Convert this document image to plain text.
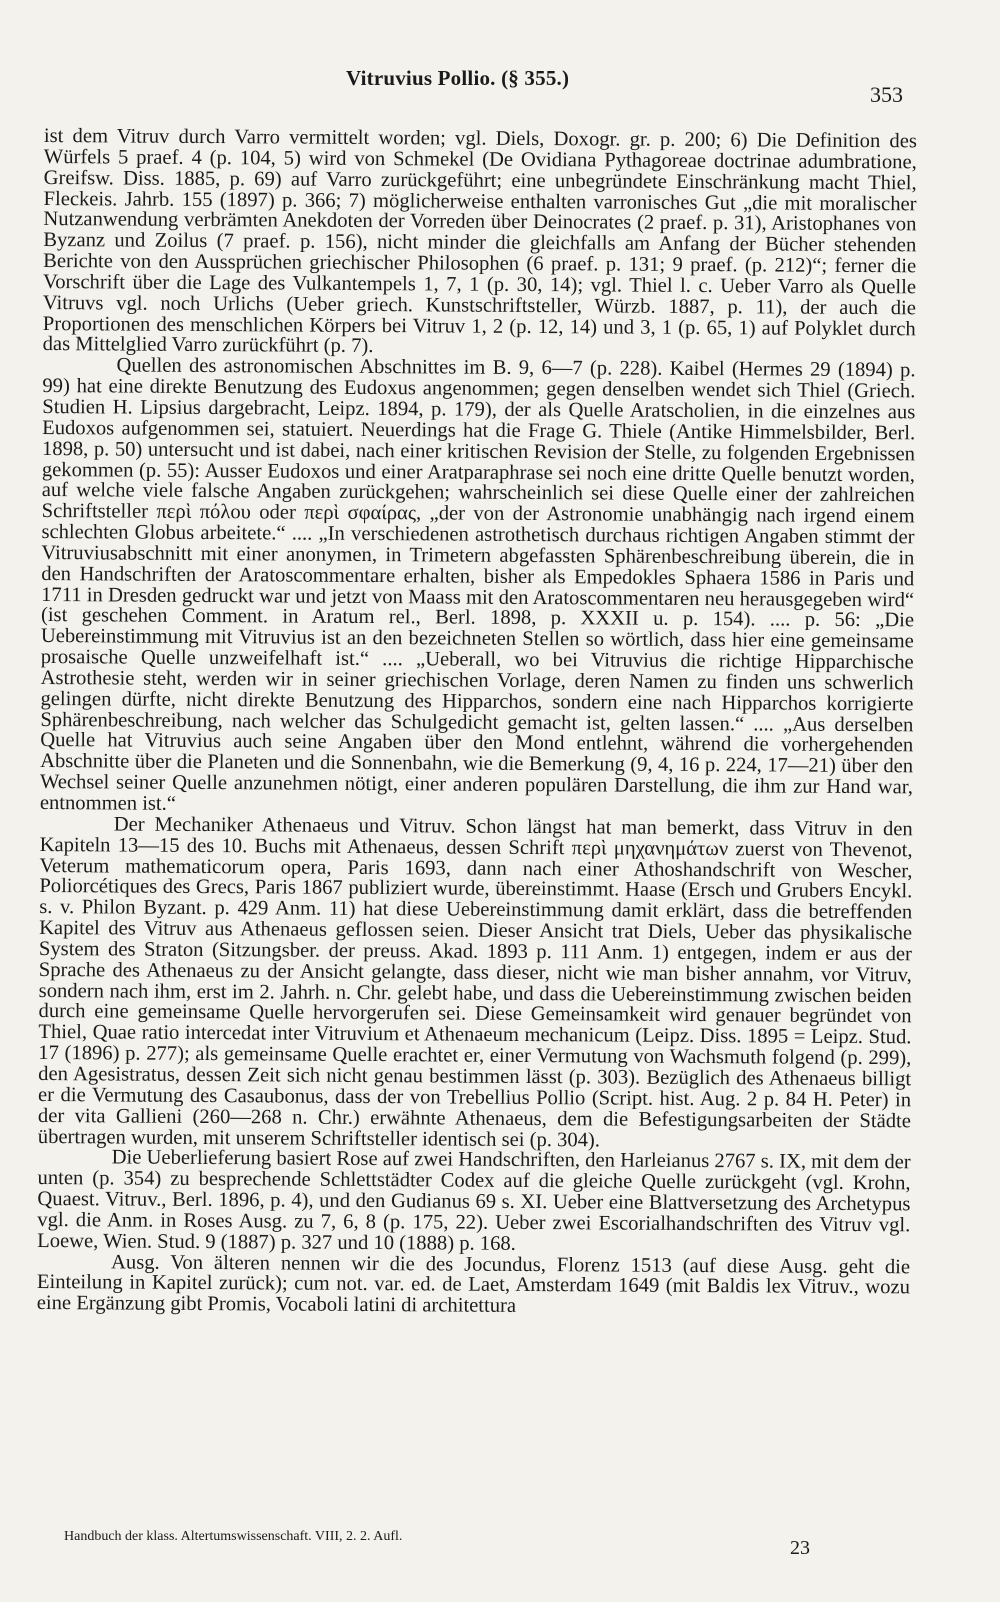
Vitruvius Pollio. (§ 355.)
353

ist dem Vitruv durch Varro vermittelt worden; vgl. Diels, Doxogr. gr. p. 200; 6) Die Definition des Würfels 5 praef. 4 (p. 104, 5) wird von Schmekel (De Ovidiana Pythagoreae doctrinae adumbratione, Greifsw. Diss. 1885, p. 69) auf Varro zurückgeführt; eine unbegründete Einschränkung macht Thiel, Fleckeis. Jahrb. 155 (1897) p. 366; 7) möglicherweise enthalten varronisches Gut „die mit moralischer Nutzanwendung verbrämten Anekdoten der Vorreden über Deinocrates (2 praef. p. 31), Aristophanes von Byzanz und Zoilus (7 praef. p. 156), nicht minder die gleichfalls am Anfang der Bücher stehenden Berichte von den Aussprüchen griechischer Philosophen (6 praef. p. 131; 9 praef. (p. 212)“; ferner die Vorschrift über die Lage des Vulkantempels 1, 7, 1 (p. 30, 14); vgl. Thiel l. c. Ueber Varro als Quelle Vitruvs vgl. noch Urlichs (Ueber griech. Kunstschriftsteller, Würzb. 1887, p. 11), der auch die Proportionen des menschlichen Körpers bei Vitruv 1, 2 (p. 12, 14) und 3, 1 (p. 65, 1) auf Polyklet durch das Mittelglied Varro zurückführt (p. 7).

Quellen des astronomischen Abschnittes im B. 9, 6—7 (p. 228). Kaibel (Hermes 29 (1894) p. 99) hat eine direkte Benutzung des Eudoxus angenommen; gegen denselben wendet sich Thiel (Griech. Studien H. Lipsius dargebracht, Leipz. 1894, p. 179), der als Quelle Aratscholien, in die einzelnes aus Eudoxos aufgenommen sei, statuiert. Neuerdings hat die Frage G. Thiele (Antike Himmelsbilder, Berl. 1898, p. 50) untersucht und ist dabei, nach einer kritischen Revision der Stelle, zu folgenden Ergebnissen gekommen (p. 55): Ausser Eudoxos und einer Aratparaphrase sei noch eine dritte Quelle benutzt worden, auf welche viele falsche Angaben zurückgehen; wahrscheinlich sei diese Quelle einer der zahlreichen Schriftsteller περὶ πόλου oder περὶ σφαίρας, „der von der Astronomie unabhängig nach irgend einem schlechten Globus arbeitete.“ .... „In verschiedenen astrothetisch durchaus richtigen Angaben stimmt der Vitruviusabschnitt mit einer anonymen, in Trimetern abgefassten Sphärenbeschreibung überein, die in den Handschriften der Aratoscommentare erhalten, bisher als Empedokles Sphaera 1586 in Paris und 1711 in Dresden gedruckt war und jetzt von Maass mit den Aratoscommentaren neu herausgegeben wird“ (ist geschehen Comment. in Aratum rel., Berl. 1898, p. XXXII u. p. 154). .... p. 56: „Die Uebereinstimmung mit Vitruvius ist an den bezeichneten Stellen so wörtlich, dass hier eine gemeinsame prosaische Quelle unzweifelhaft ist.“ .... „Ueberall, wo bei Vitruvius die richtige Hipparchische Astrothesie steht, werden wir in seiner griechischen Vorlage, deren Namen zu finden uns schwerlich gelingen dürfte, nicht direkte Benutzung des Hipparchos, sondern eine nach Hipparchos korrigierte Sphärenbeschreibung, nach welcher das Schulgedicht gemacht ist, gelten lassen.“ .... „Aus derselben Quelle hat Vitruvius auch seine Angaben über den Mond entlehnt, während die vorhergehenden Abschnitte über die Planeten und die Sonnenbahn, wie die Bemerkung (9, 4, 16 p. 224, 17—21) über den Wechsel seiner Quelle anzunehmen nötigt, einer anderen populären Darstellung, die ihm zur Hand war, entnommen ist.“

Der Mechaniker Athenaeus und Vitruv. Schon längst hat man bemerkt, dass Vitruv in den Kapiteln 13—15 des 10. Buchs mit Athenaeus, dessen Schrift περὶ μηχανημάτων zuerst von Thevenot, Veterum mathematicorum opera, Paris 1693, dann nach einer Athoshandschrift von Wescher, Poliorcétiques des Grecs, Paris 1867 publiziert wurde, übereinstimmt. Haase (Ersch und Grubers Encykl. s. v. Philon Byzant. p. 429 Anm. 11) hat diese Uebereinstimmung damit erklärt, dass die betreffenden Kapitel des Vitruv aus Athenaeus geflossen seien. Dieser Ansicht trat Diels, Ueber das physikalische System des Straton (Sitzungsber. der preuss. Akad. 1893 p. 111 Anm. 1) entgegen, indem er aus der Sprache des Athenaeus zu der Ansicht gelangte, dass dieser, nicht wie man bisher annahm, vor Vitruv, sondern nach ihm, erst im 2. Jahrh. n. Chr. gelebt habe, und dass die Uebereinstimmung zwischen beiden durch eine gemeinsame Quelle hervorgerufen sei. Diese Gemeinsamkeit wird genauer begründet von Thiel, Quae ratio intercedat inter Vitruvium et Athenaeum mechanicum (Leipz. Diss. 1895 = Leipz. Stud. 17 (1896) p. 277); als gemeinsame Quelle erachtet er, einer Vermutung von Wachsmuth folgend (p. 299), den Agesistratus, dessen Zeit sich nicht genau bestimmen lässt (p. 303). Bezüglich des Athenaeus billigt er die Vermutung des Casaubonus, dass der von Trebellius Pollio (Script. hist. Aug. 2 p. 84 H. Peter) in der vita Gallieni (260—268 n. Chr.) erwähnte Athenaeus, dem die Befestigungsarbeiten der Städte übertragen wurden, mit unserem Schriftsteller identisch sei (p. 304).

Die Ueberlieferung basiert Rose auf zwei Handschriften, den Harleianus 2767 s. IX, mit dem der unten (p. 354) zu besprechende Schlettstädter Codex auf die gleiche Quelle zurückgeht (vgl. Krohn, Quaest. Vitruv., Berl. 1896, p. 4), und den Gudianus 69 s. XI. Ueber eine Blattversetzung des Archetypus vgl. die Anm. in Roses Ausg. zu 7, 6, 8 (p. 175, 22). Ueber zwei Escorialhandschriften des Vitruv vgl. Loewe, Wien. Stud. 9 (1887) p. 327 und 10 (1888) p. 168.

Ausg. Von älteren nennen wir die des Jocundus, Florenz 1513 (auf diese Ausg. geht die Einteilung in Kapitel zurück); cum not. var. ed. de Laet, Amsterdam 1649 (mit Baldis lex Vitruv., wozu eine Ergänzung gibt Promis, Vocaboli latini di architettura

Handbuch der klass. Altertumswissenschaft. VIII, 2. 2. Aufl.
23
